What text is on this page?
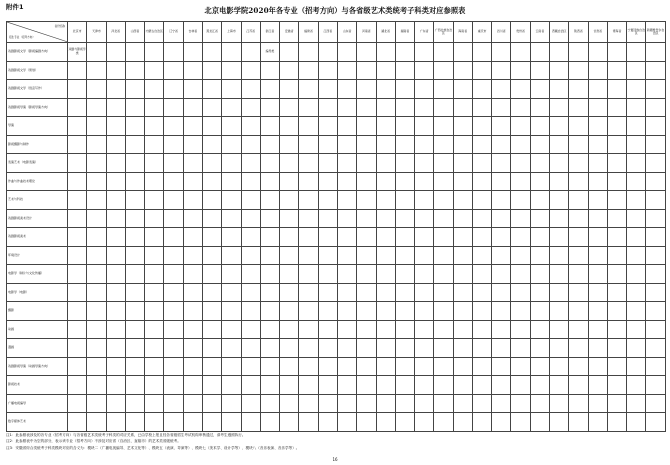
附件1	北京电影学院2020年各专业（招考方向）与各省级艺术类统考子科类对应参照表
省份名称
招生专业（招考方向）	北京市	天津市	河北省	山西省	内蒙古自治区	辽宁省	吉林省	黑龙江省	上海市	江苏省	浙江省	安徽省	福建省	江西省	山东省	河南省	湖北省	湖南省	广东省	广西壮族自治区	海南省	重庆市	四川省	贵州省	云南省	西藏自治区	陕西省	甘肃省	青海省	宁夏回族自治区	新疆维吾尔自治区
戏剧影视文学（影视编剧方向）	戏剧与影视学类										编导类																				
戏剧影视文学（策划）																															
戏剧影视文学（创意写作）																															
戏剧影视导演（影视导演方向）																															
导演																															
影视摄影与制作																															
表演艺术（电影表演）																															
作曲与作曲技术理论																															
艺术与科技																															
戏剧影视美术设计																															
戏剧影视美术																															
环境设计																															
电影学（制片与文化传播）																															
电影学（电影）																															
摄影																															
动画																															
漫画																															
戏剧影视导演（动画导演方向）																															
影视技术																															
广播电视编导																															
数字媒体艺术																															
注1：此参照表涉及的各专业（招考方向）与各省级艺术类统考子科类的对应关系，已由学校上报且经各省级招生考试机构审核通过，请考生遵照执行。
注2：此参照表中为空的部分，表示该专业（招考方向）不涉及对应省（自治区、直辖市）的艺术类省级统考。
注3：安徽省综合类统考子科类模块对应的含义为：模块二（广播电视编导、艺术文化等）、模块五（表演、导演等）、模块七（美术学、设计学等）、模块八（音乐表演、音乐学等）。
16
